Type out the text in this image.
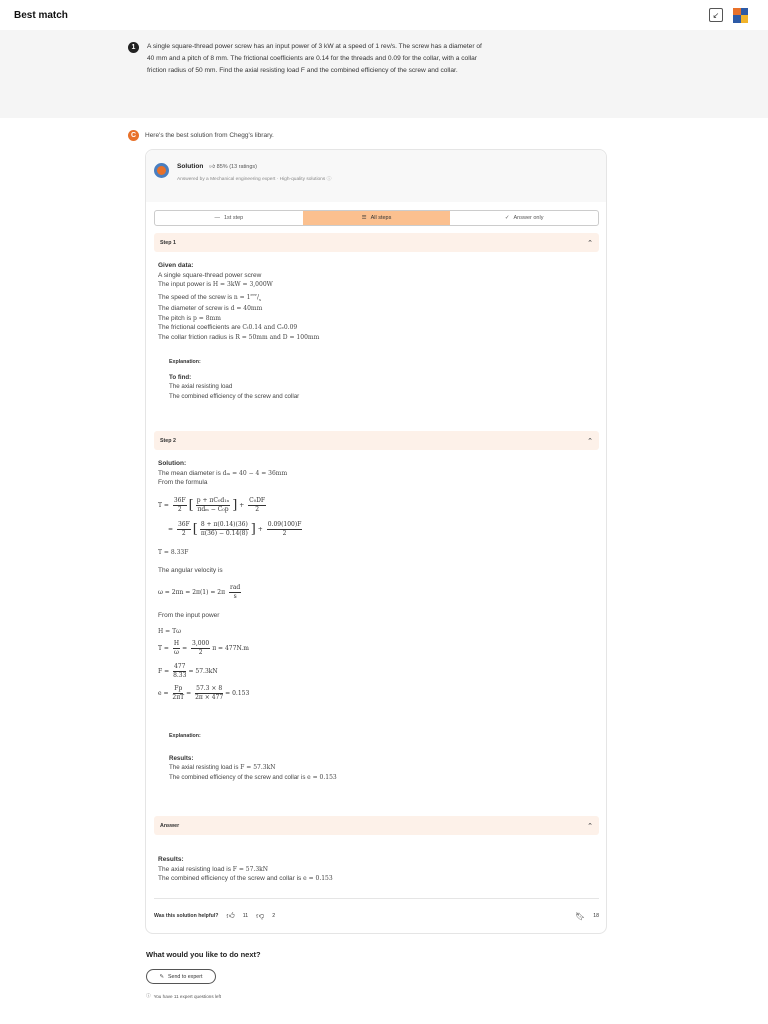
Best match	↙
1	A single square-thread power screw has an input power of 3 kW at a speed of 1 rev/s. The screw has a diameter of 40 mm and a pitch of 8 mm. The frictional coefficients are 0.14 for the threads and 0.09 for the collar, with a collar friction radius of 50 mm. Find the axial resisting load F and the combined efficiency of the screw and collar.
C	Here's the best solution from Chegg's library.
Solution 👍︎ 85% (13 ratings)
Answered by a Mechanical engineering expert · High-quality solutions ⓘ
— 1st step	☰ All steps	✓ Answer only
Step 1	⌃
Given data:
A single square-thread power screw
The input power is H = 3kW = 3,000W
The speed of the screw is $n = 1^{rev}/_s$
The diameter of screw is d = 40mm
The pitch is p = 8mm
The frictional coefficients are Cₜ0.14 and Cₑ0.09
The collar friction radius is R = 50mm and D = 100mm
Explanation:
To find:
The axial resisting load
The combined efficiency of the screw and collar
Step 2	⌃
Solution:
The mean diameter is dₘ = 40 − 4 = 36mm
From the formula
$T = \frac{36F}{2}$ [ $\frac{\text{p + πC₀d₁ₙ}}{\text{πdₘ − C₀p}}$ ] + $\frac{\text{C₀DF}}{2}$
= $\frac{36F}{2}$ [ $\frac{8 + \pi(0.14)(36)}{\pi(36) - 0.14(8)}$ ] + $\frac{0.09(100)F}{2}$
T = 8.33F
The angular velocity is
$\omega = 2\pi n = 2\pi(1) = 2\pi \frac{\text{rad}}{s}$
From the input power
H = Tω
$T = \frac{H}{\omega} = \frac{3,000}{2}$ π = 477N.m
$F = \frac{477}{8.33} = 57.3kN$
$e = \frac{Fp}{2\pi T} = \frac{57.3 \times 8}{2\pi \times 477} = 0.153$
Explanation:
Results:
The axial resisting load is F = 57.3kN
The combined efficiency of the screw and collar is e = 0.153
Answer	⌃
Results:
The axial resisting load is F = 57.3kN
The combined efficiency of the screw and collar is e = 0.153
Was this solution helpful? 👍︎ 11 👎︎ 2	🔖︎ 18
What would you like to do next?
✎ Send to expert
ⓘ You have 11 expert questions left
